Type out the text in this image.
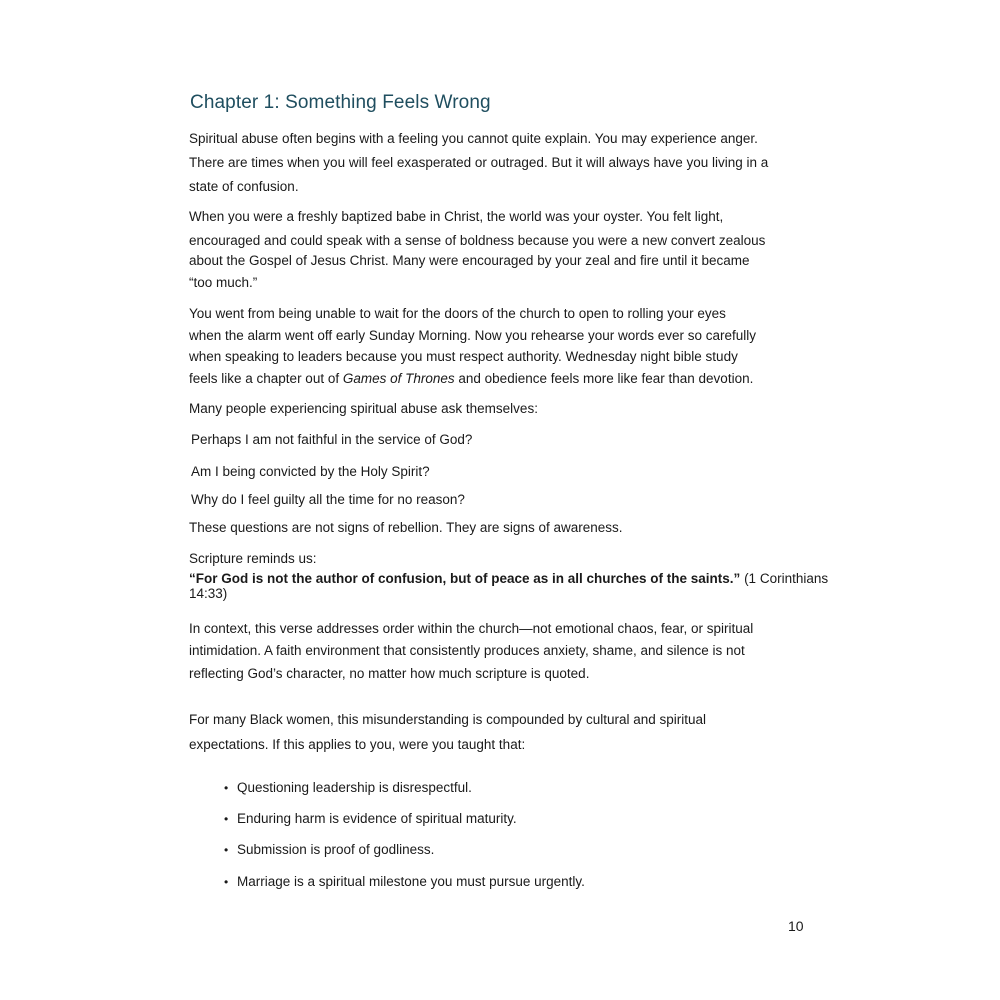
Chapter 1: Something Feels Wrong
Spiritual abuse often begins with a feeling you cannot quite explain. You may experience anger.
There are times when you will feel exasperated or outraged. But it will always have you living in a
state of confusion.
When you were a freshly baptized babe in Christ, the world was your oyster. You felt light,
encouraged and could speak with a sense of boldness because you were a new convert zealous
about the Gospel of Jesus Christ. Many were encouraged by your zeal and fire until it became
“too much.”
You went from being unable to wait for the doors of the church to open to rolling your eyes
when the alarm went off early Sunday Morning. Now you rehearse your words ever so carefully
when speaking to leaders because you must respect authority. Wednesday night bible study
feels like a chapter out of Games of Thrones and obedience feels more like fear than devotion.
Many people experiencing spiritual abuse ask themselves:
Perhaps I am not faithful in the service of God?
Am I being convicted by the Holy Spirit?
Why do I feel guilty all the time for no reason?
These questions are not signs of rebellion. They are signs of awareness.
Scripture reminds us:
“For God is not the author of confusion, but of peace as in all churches of the saints.” (1 Corinthians
14:33)
In context, this verse addresses order within the church—not emotional chaos, fear, or spiritual
intimidation. A faith environment that consistently produces anxiety, shame, and silence is not
reflecting God’s character, no matter how much scripture is quoted.
For many Black women, this misunderstanding is compounded by cultural and spiritual
expectations. If this applies to you, were you taught that:
• Questioning leadership is disrespectful.
• Enduring harm is evidence of spiritual maturity.
• Submission is proof of godliness.
• Marriage is a spiritual milestone you must pursue urgently.
10
